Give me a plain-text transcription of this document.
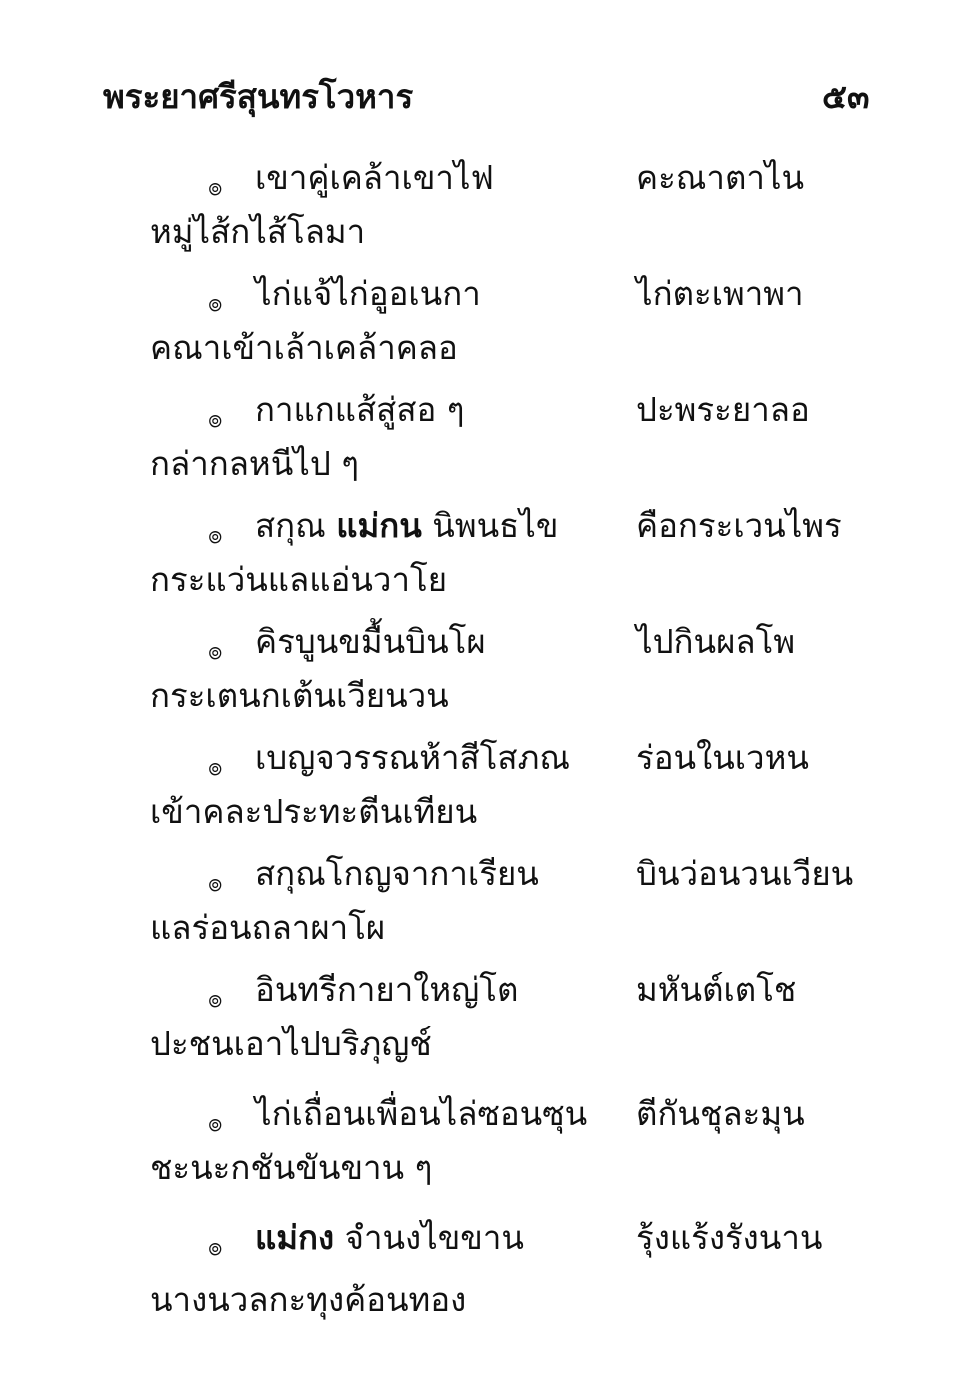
พระยาศรีสุนทรโวหาร	๕๓
๏ เขาคู่เคล้าเขาไฟ	คะณาตาไน
หมู่ไส้กไส้โลมา
๏ ไก่แจ้ไก่อูอเนกา	ไก่ตะเพาพา
คณาเข้าเล้าเคล้าคลอ
๏ กาแกแส้สู่สอ ๆ	ปะพระยาลอ
กล่ากลหนีไป ๆ
๏ สกุณ แม่กน นิพนธไข คือกระเวนไพร
กระแว่นแลแอ่นวาโย
๏ คิรบูนขมื้นบินโผ	ไปกินผลโพ
กระเตนกเต้นเวียนวน
๏ เบญจวรรณห้าสีโสภณ ร่อนในเวหน
เข้าคละประทะตีนเทียน
๏ สกุณโกญจากาเรียน	บินว่อนวนเวียน
แลร่อนถลาผาโผ
๏ อินทรีกายาใหญ่โต	มหันต์เตโช
ปะชนเอาไปบริภุญช์
๏ ไก่เถื่อนเพื่อนไล่ซอนซุน ตีกันชุละมุน
ชะนะกชันขันขาน ๆ
๏ แม่กง จำนงไขขาน	รุ้งแร้งรังนาน
นางนวลกะทุงค้อนทอง
